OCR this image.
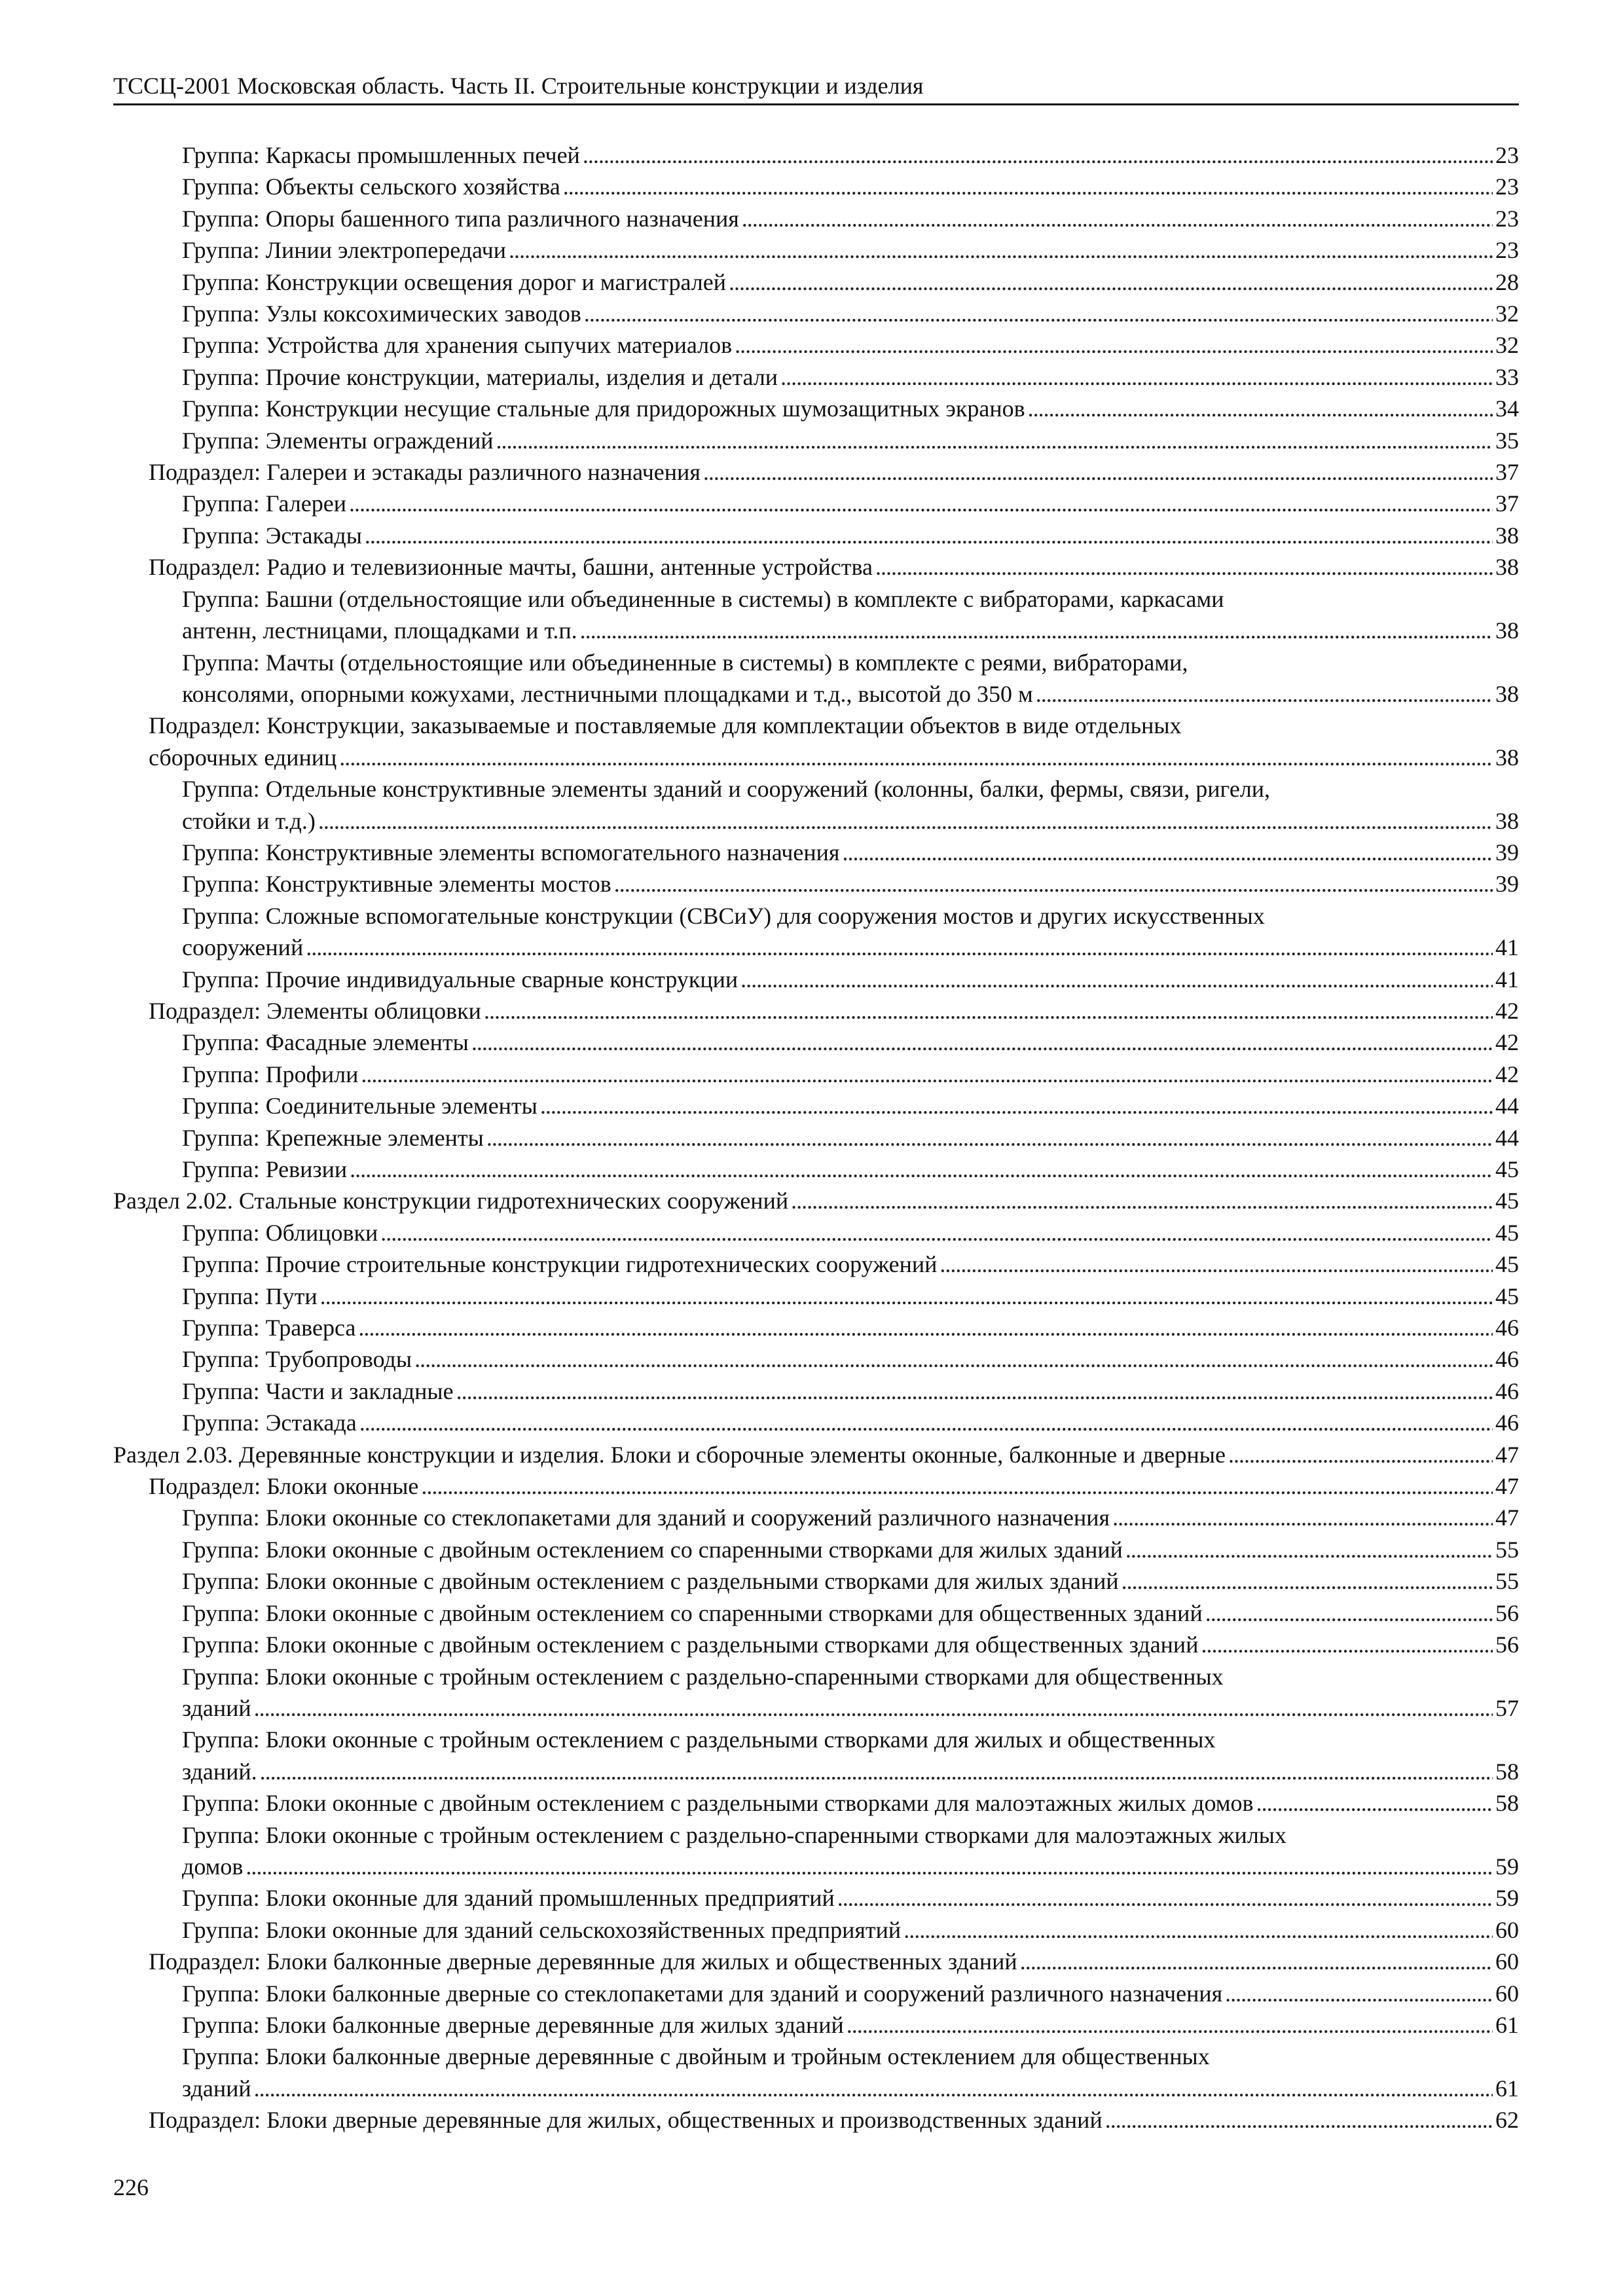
ТССЦ-2001 Московская область. Часть II. Строительные конструкции и изделия
Группа: Каркасы промышленных печей . . .	23
Группа: Объекты сельского хозяйства . . .	23
Группа: Опоры башенного типа различного назначения . . .	23
Группа: Линии электропередачи . . .	23
Группа: Конструкции освещения дорог и магистралей . . .	28
Группа: Узлы коксохимических заводов . . .	32
Группа: Устройства для хранения сыпучих материалов . . .	32
Группа: Прочие конструкции, материалы, изделия и детали . . .	33
Группа: Конструкции несущие стальные для придорожных шумозащитных экранов . . .	34
Группа: Элементы ограждений . . .	35
Подраздел: Галереи и эстакады различного назначения . . .	37
Группа: Галереи . . .	37
Группа: Эстакады . . .	38
Подраздел: Радио и телевизионные мачты, башни, антенные устройства . . .	38
Группа: Башни (отдельностоящие или объединенные в системы) в комплекте с вибраторами, каркасами
антенн, лестницами, площадками и т.п. . . .	38
Группа: Мачты (отдельностоящие или объединенные в системы) в комплекте с реями, вибраторами,
консолями, опорными кожухами, лестничными площадками и т.д., высотой до 350 м . . .	38
Подраздел: Конструкции, заказываемые и поставляемые для комплектации объектов в виде отдельных
сборочных единиц . . .	38
Группа: Отдельные конструктивные элементы зданий и сооружений (колонны, балки, фермы, связи, ригели,
стойки и т.д.) . . .	38
Группа: Конструктивные элементы вспомогательного назначения . . .	39
Группа: Конструктивные элементы мостов . . .	39
Группа: Сложные вспомогательные конструкции (СВСиУ) для сооружения мостов и других искусственных
сооружений . . .	41
Группа: Прочие индивидуальные сварные конструкции . . .	41
Подраздел: Элементы облицовки . . .	42
Группа: Фасадные элементы . . .	42
Группа: Профили . . .	42
Группа: Соединительные элементы . . .	44
Группа: Крепежные элементы . . .	44
Группа: Ревизии . . .	45
Раздел 2.02. Стальные конструкции гидротехнических сооружений . . .	45
Группа: Облицовки . . .	45
Группа: Прочие строительные конструкции гидротехнических сооружений . . .	45
Группа: Пути . . .	45
Группа: Траверса . . .	46
Группа: Трубопроводы . . .	46
Группа: Части и закладные . . .	46
Группа: Эстакада . . .	46
Раздел 2.03. Деревянные конструкции и изделия. Блоки и сборочные элементы оконные, балконные и дверные . . .	47
Подраздел: Блоки оконные . . .	47
Группа: Блоки оконные со стеклопакетами для зданий и сооружений различного назначения . . .	47
Группа: Блоки оконные с двойным остеклением со спаренными створками для жилых зданий . . .	55
Группа: Блоки оконные с двойным остеклением с раздельными створками для жилых зданий . . .	55
Группа: Блоки оконные с двойным остеклением со спаренными створками для общественных зданий . . .	56
Группа: Блоки оконные с двойным остеклением с раздельными створками для общественных зданий . . .	56
Группа: Блоки оконные с тройным остеклением с раздельно-спаренными створками для общественных
зданий . . .	57
Группа: Блоки оконные с тройным остеклением с раздельными створками для жилых и общественных
зданий. . . .	58
Группа: Блоки оконные с двойным остеклением с раздельными створками для малоэтажных жилых домов . . .	58
Группа: Блоки оконные с тройным остеклением с раздельно-спаренными створками для малоэтажных жилых
домов . . .	59
Группа: Блоки оконные для зданий промышленных предприятий . . .	59
Группа: Блоки оконные для зданий сельскохозяйственных предприятий . . .	60
Подраздел: Блоки балконные дверные деревянные для жилых и общественных зданий . . .	60
Группа: Блоки балконные дверные со стеклопакетами для зданий и сооружений различного назначения . . .	60
Группа: Блоки балконные дверные деревянные для жилых зданий . . .	61
Группа: Блоки балконные дверные деревянные с двойным и тройным остеклением для общественных
зданий . . .	61
Подраздел: Блоки дверные деревянные для жилых, общественных и производственных зданий . . .	62
226
